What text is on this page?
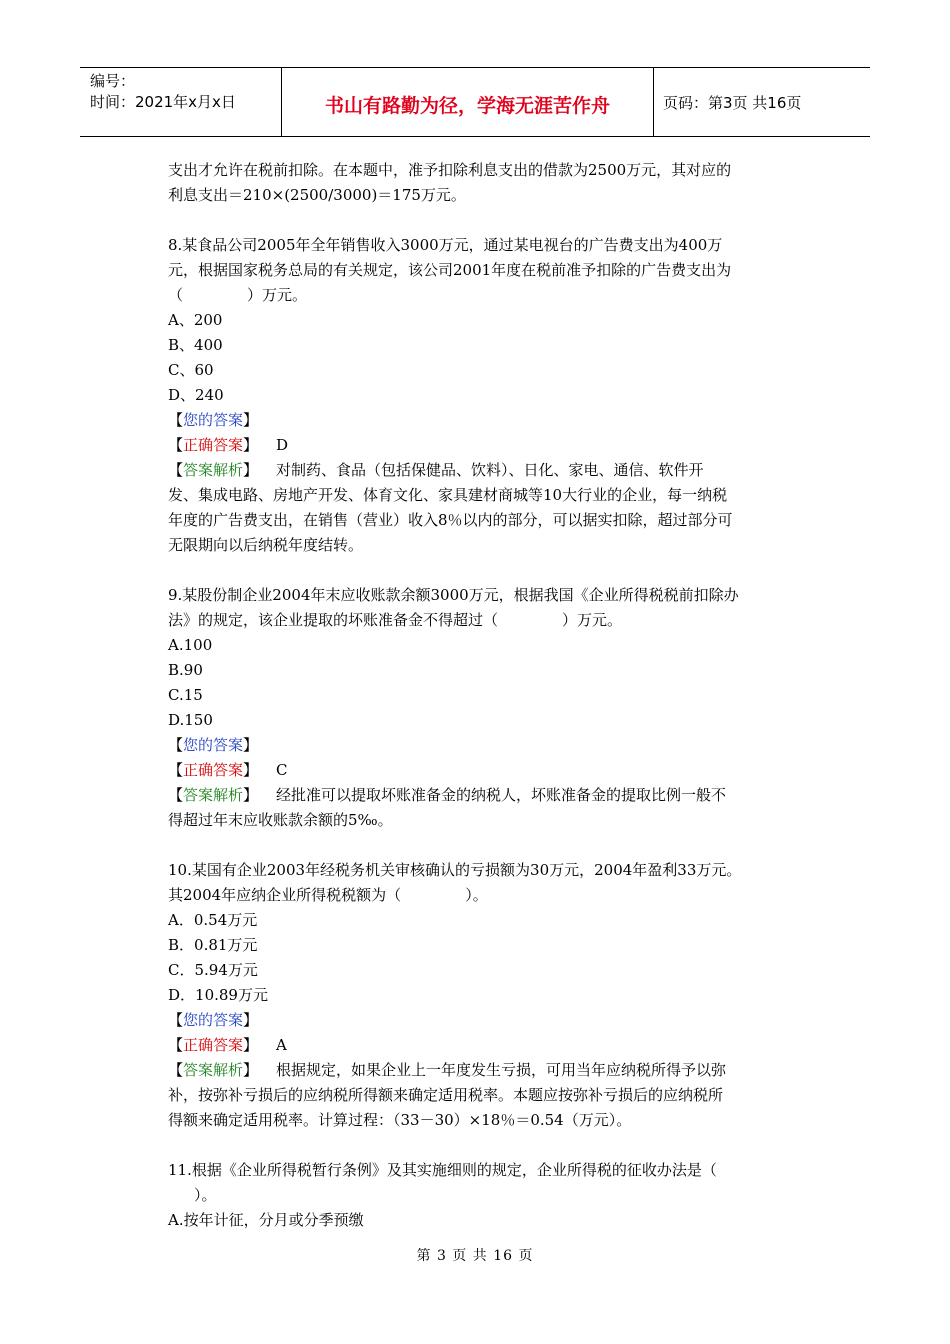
编号：
时间：2021年x月x日	书山有路勤为径，学海无涯苦作舟	页码：第3页 共16页

支出才允许在税前扣除。在本题中，准予扣除利息支出的借款为2500万元，其对应的

利息支出＝210×(2500/3000)＝175万元。

8.某食品公司2005年全年销售收入3000万元，通过某电视台的广告费支出为400万

元，根据国家税务总局的有关规定，该公司2001年度在税前准予扣除的广告费支出为

（	）万元。

A、200

B、400

C、60

D、240

【您的答案】

【正确答案】 D

【答案解析】 对制药、食品（包括保健品、饮料）、日化、家电、通信、软件开

发、集成电路、房地产开发、体育文化、家具建材商城等10大行业的企业，每一纳税

年度的广告费支出，在销售（营业）收入8％以内的部分，可以据实扣除，超过部分可

无限期向以后纳税年度结转。

9.某股份制企业2004年末应收账款余额3000万元，根据我国《企业所得税税前扣除办

法》的规定，该企业提取的坏账准备金不得超过（	）万元。

A.100

B.90

C.15

D.150

【您的答案】

【正确答案】 C

【答案解析】 经批准可以提取坏账准备金的纳税人，坏账准备金的提取比例一般不

得超过年末应收账款余额的5‰。

10.某国有企业2003年经税务机关审核确认的亏损额为30万元，2004年盈利33万元。

其2004年应纳企业所得税税额为（	）。

A．0.54万元

B．0.81万元

C．5.94万元

D．10.89万元

【您的答案】

【正确答案】 A

【答案解析】 根据规定，如果企业上一年度发生亏损，可用当年应纳税所得予以弥

补，按弥补亏损后的应纳税所得额来确定适用税率。本题应按弥补亏损后的应纳税所

得额来确定适用税率。计算过程：（33－30）×18％＝0.54（万元）。

11.根据《企业所得税暂行条例》及其实施细则的规定，企业所得税的征收办法是（

）。

A.按年计征，分月或分季预缴

第 3 页 共 16 页
